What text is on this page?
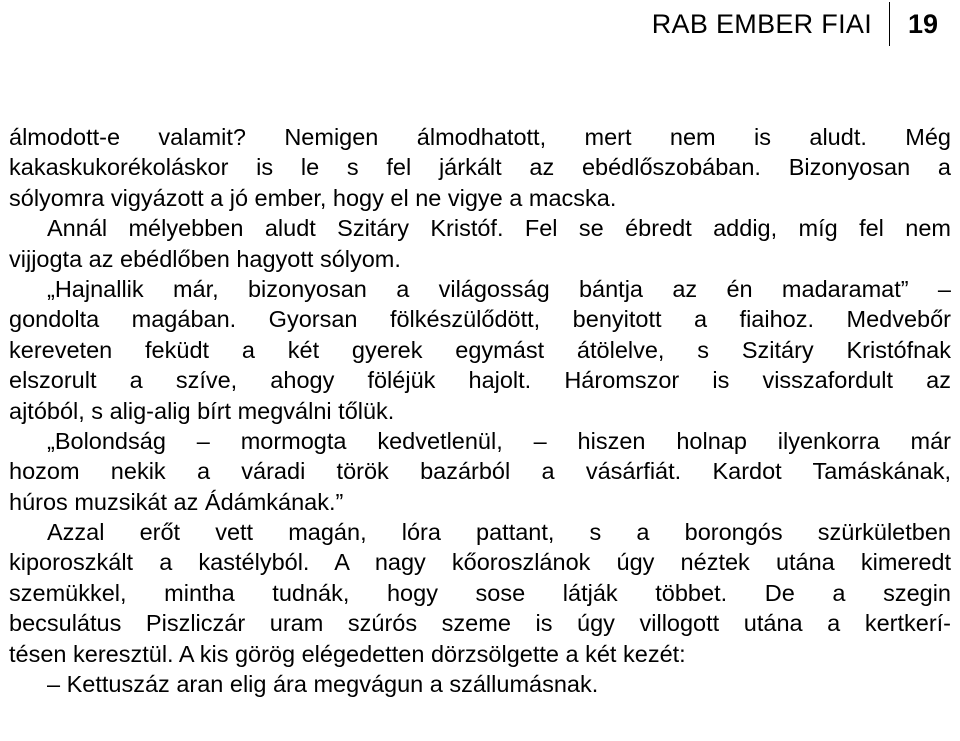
RAB EMBER FIAI 19
álmodott-e valamit? Nemigen álmodhatott, mert nem is aludt. Még
kakaskukorékoláskor is le s fel járkált az ebédlőszobában. Bizonyosan a
sólyomra vigyázott a jó ember, hogy el ne vigye a macska.
Annál mélyebben aludt Szitáry Kristóf. Fel se ébredt addig, míg fel nem
vijjogta az ebédlőben hagyott sólyom.
„Hajnallik már, bizonyosan a világosság bántja az én madaramat” –
gondolta magában. Gyorsan fölkészülődött, benyitott a fiaihoz. Medvebőr
kereveten feküdt a két gyerek egymást átölelve, s Szitáry Kristófnak
elszorult a szíve, ahogy föléjük hajolt. Háromszor is visszafordult az
ajtóból, s alig-alig bírt megválni tőlük.
„Bolondság – mormogta kedvetlenül, – hiszen holnap ilyenkorra már
hozom nekik a váradi török bazárból a vásárfiát. Kardot Tamáskának,
húros muzsikát az Ádámkának.”
Azzal erőt vett magán, lóra pattant, s a borongós szürkületben
kiporoszkált a kastélyból. A nagy kőoroszlánok úgy néztek utána kimeredt
szemükkel, mintha tudnák, hogy sose látják többet. De a szegin
becsulátus Piszliczár uram szúrós szeme is úgy villogott utána a kertkerí-
tésen keresztül. A kis görög elégedetten dörzsölgette a két kezét:
– Kettuszáz aran elig ára megvágun a szállumásnak.
